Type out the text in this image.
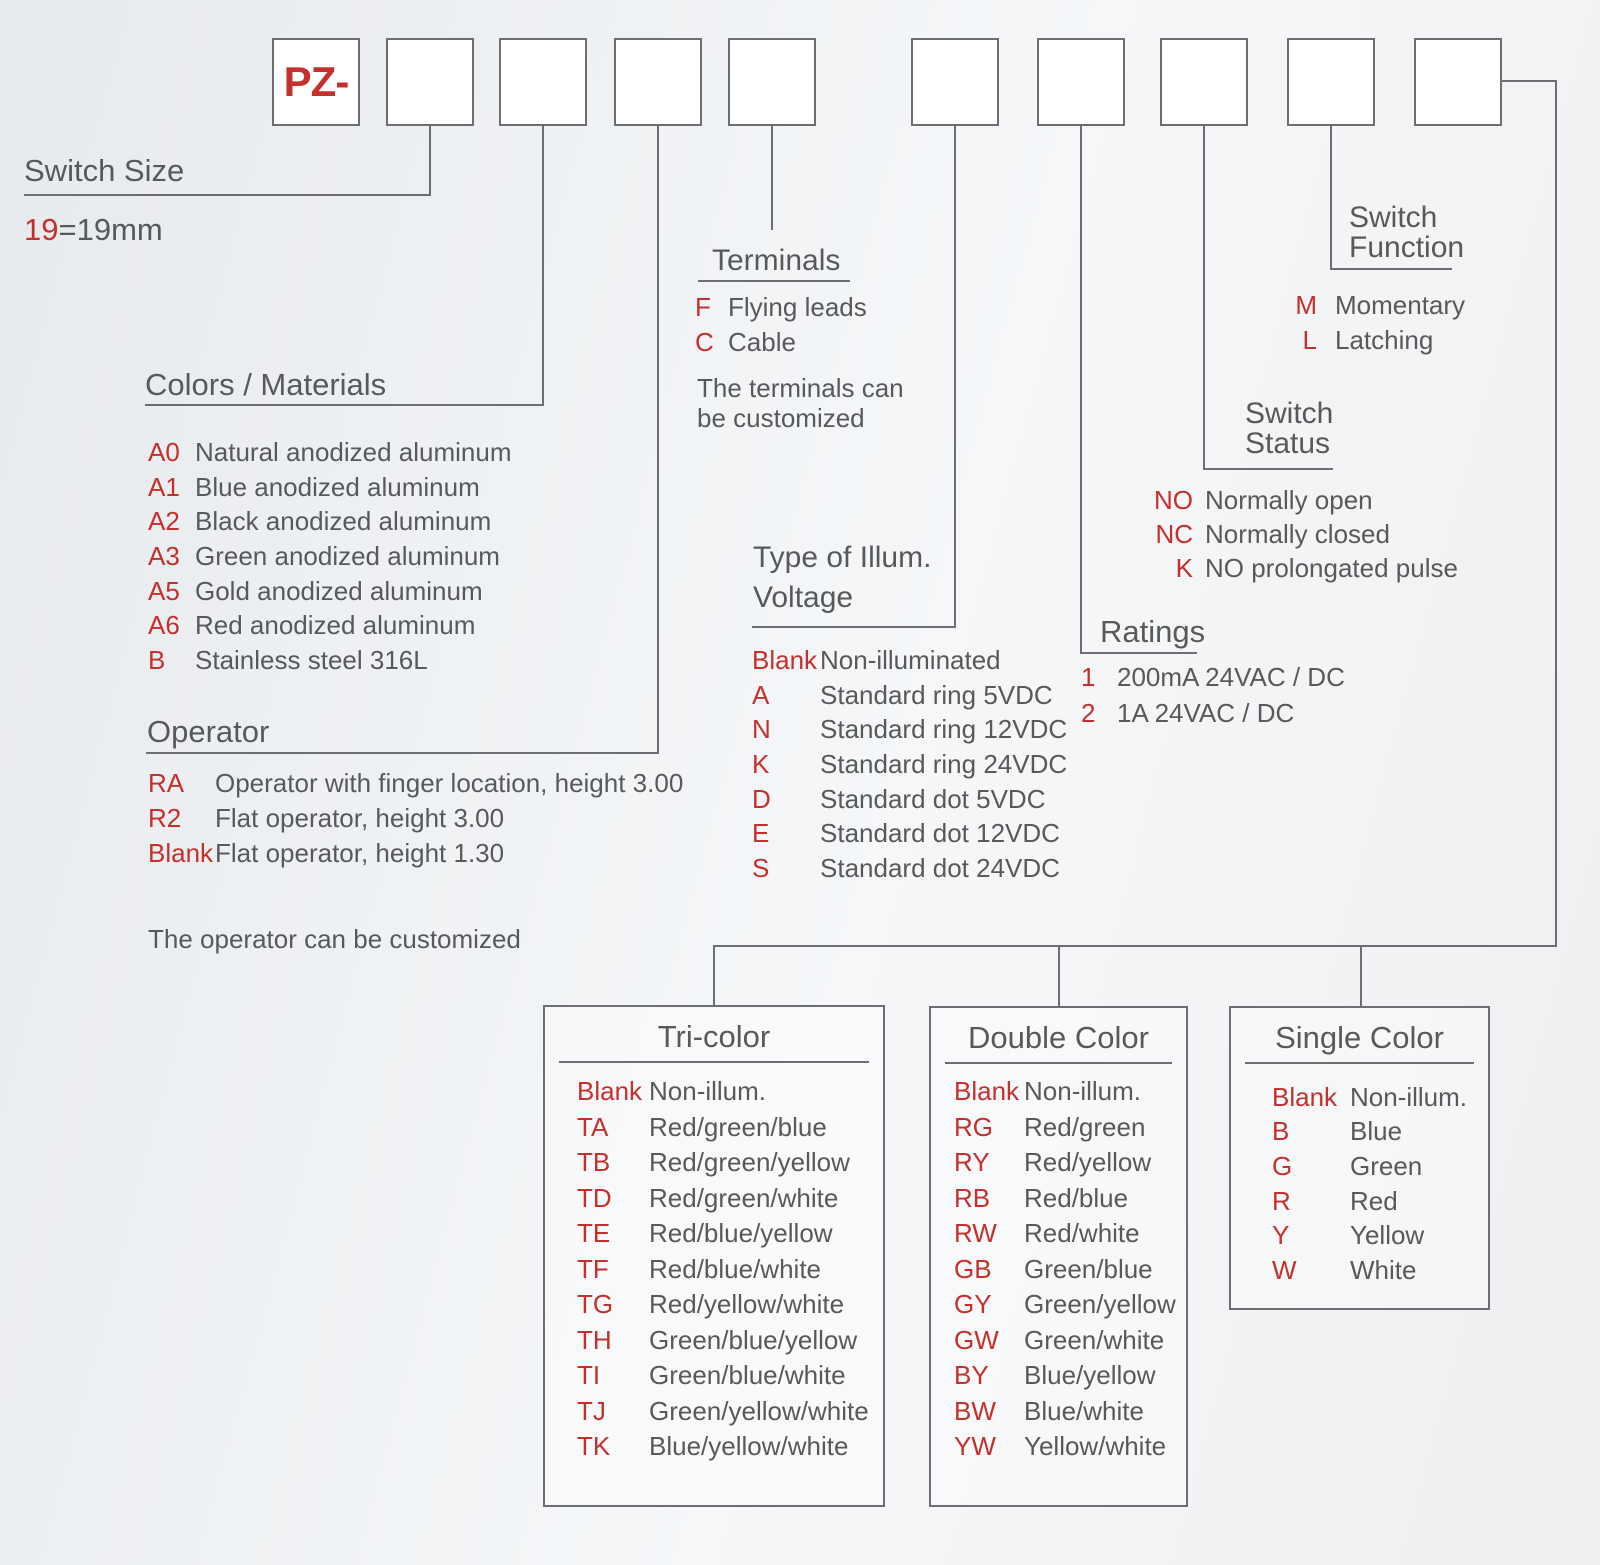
PZ-
Switch Size
19=19mm
Colors / Materials
A0 Natural anodized aluminum
A1 Blue anodized aluminum
A2 Black anodized aluminum
A3 Green anodized aluminum
A5 Gold anodized aluminum
A6 Red anodized aluminum
B	Stainless steel 316L
Operator
RA	Operator with finger location, height 3.00
R2	Flat operator, height 3.00
Blank Flat operator, height 1.30
The operator can be customized
Terminals
F Flying leads
C Cable
The terminals can
be customized
Type of Illum.
Voltage
Blank Non-illuminated
A	Standard ring 5VDC
N	Standard ring 12VDC
K	Standard ring 24VDC
D	Standard dot 5VDC
E	Standard dot 12VDC
S	Standard dot 24VDC
Ratings
1 200mA 24VAC / DC
2 1A 24VAC / DC
Switch
Status
NO Normally open
NC Normally closed
K NO prolongated pulse
Switch
Function
M Momentary
L Latching
Tri-color
Blank Non-illum.
TA	Red/green/blue
TB	Red/green/yellow
TD	Red/green/white
TE	Red/blue/yellow
TF	Red/blue/white
TG	Red/yellow/white
TH	Green/blue/yellow
TI	Green/blue/white
TJ	Green/yellow/white
TK	Blue/yellow/white
Double Color
Blank Non-illum.
RG	Red/green
RY	Red/yellow
RB	Red/blue
RW	Red/white
GB	Green/blue
GY	Green/yellow
GW Green/white
BY	Blue/yellow
BW	Blue/white
YW	Yellow/white
Single Color
Blank Non-illum.
B	Blue
G	Green
R	Red
Y	Yellow
W	White
